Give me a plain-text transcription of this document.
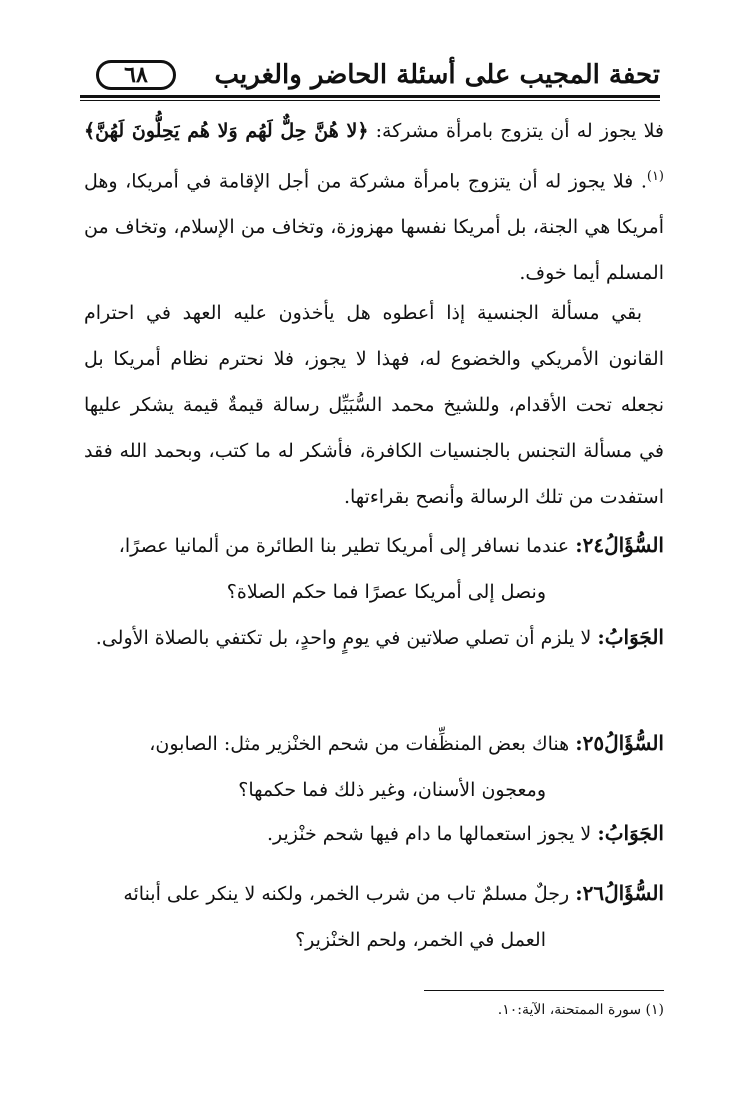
٦٨	تحفة المجيب على أسئلة الحاضر والغريب
فلا يجوز له أن يتزوج بامرأة مشركة: ﴿لا هُنَّ حِلٌّ لَهُم وَلا هُم يَحِلُّونَ لَهُنَّ﴾$^{(١)}$. فلا يجوز له أن يتزوج بامرأة مشركة من أجل الإقامة في أمريكا، وهل أمريكا هي الجنة، بل أمريكا نفسها مهزوزة، وتخاف من الإسلام، وتخاف من المسلم أيما خوف.
بقي مسألة الجنسية إذا أعطوه هل يأخذون عليه العهد في احترام القانون الأمريكي والخضوع له، فهذا لا يجوز، فلا نحترم نظام أمريكا بل نجعله تحت الأقدام، وللشيخ محمد السُّبَيِّل رسالة قيمةٌ قيمة يشكر عليها في مسألة التجنس بالجنسيات الكافرة، فأشكر له ما كتب، وبحمد الله فقد استفدت من تلك الرسالة وأنصح بقراءتها.
السُّؤَالُ٢٤: عندما نسافر إلى أمريكا تطير بنا الطائرة من ألمانيا عصرًا،
ونصل إلى أمريكا عصرًا فما حكم الصلاة؟
الجَوَابُ: لا يلزم أن تصلي صلاتين في يومٍ واحدٍ، بل تكتفي بالصلاة الأولى.
السُّؤَالُ٢٥: هناك بعض المنظِّفات من شحم الخنْزير مثل: الصابون،
ومعجون الأسنان، وغير ذلك فما حكمها؟
الجَوَابُ: لا يجوز استعمالها ما دام فيها شحم خنْزير.
السُّؤَالُ٢٦: رجلٌ مسلمٌ تاب من شرب الخمر، ولكنه لا ينكر على أبنائه
العمل في الخمر، ولحم الخنْزير؟
(١) سورة الممتحنة، الآية:١٠.
